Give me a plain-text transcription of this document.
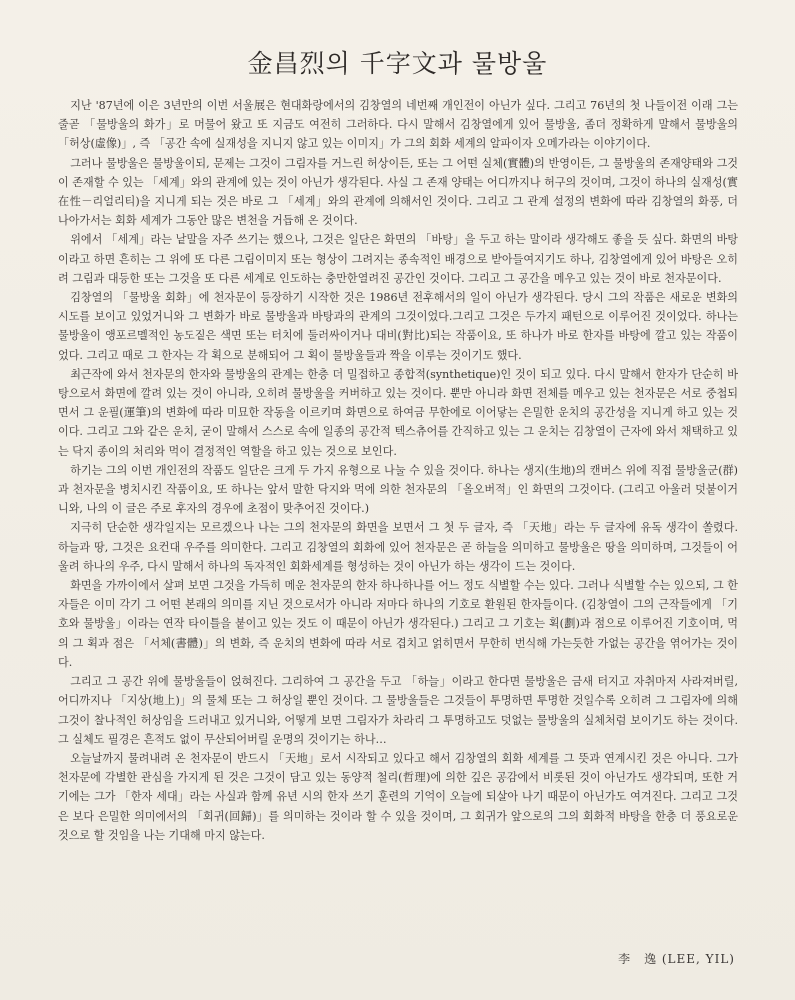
金昌烈의 千字文과 물방울

지난 '87년에 이은 3년만의 이번 서울展은 현대화랑에서의 김창열의 네번째 개인전이 아닌가 싶다. 그리고 76년의 첫 나들이전 이래 그는 줄곧 「물방울의 화가」로 머물어 왔고 또 지금도 여전히 그러하다. 다시 말해서 김창열에게 있어 물방울, 좀더 정확하게 말해서 물방울의 「허상(虛像)」, 즉 「공간 속에 실재성을 지니지 않고 있는 이미지」가 그의 회화 세계의 알파이자 오메가라는 이야기이다.

그러나 물방울은 물방울이되, 문제는 그것이 그림자를 거느린 허상이든, 또는 그 어떤 실체(實體)의 반영이든, 그 물방울의 존재양태와 그것이 존재할 수 있는 「세계」와의 관계에 있는 것이 아닌가 생각된다. 사실 그 존재 양태는 어디까지나 허구의 것이며, 그것이 하나의 실재성(實在性－리얼리티)을 지니게 되는 것은 바로 그 「세계」와의 관계에 의해서인 것이다. 그리고 그 관계 설정의 변화에 따라 김창열의 화풍, 더 나아가서는 회화 세계가 그동안 많은 변천을 거듭해 온 것이다.

위에서 「세계」라는 낱말을 자주 쓰기는 했으나, 그것은 일단은 화면의 「바탕」을 두고 하는 말이라 생각해도 좋을 듯 싶다. 화면의 바탕이라고 하면 흔히는 그 위에 또 다른 그림이미지 또는 형상이 그려지는 종속적인 배경으로 받아들여지기도 하나, 김창열에게 있어 바탕은 오히려 그림과 대등한 또는 그것을 또 다른 세계로 인도하는 충만한열려진 공간인 것이다. 그리고 그 공간을 메우고 있는 것이 바로 천자문이다.

김창열의 「물방울 회화」에 천자문이 등장하기 시작한 것은 1986년 전후해서의 일이 아닌가 생각된다. 당시 그의 작품은 새로운 변화의 시도를 보이고 있었거니와 그 변화가 바로 물방울과 바탕과의 관계의 그것이었다.그리고 그것은 두가지 패턴으로 이루어진 것이었다. 하나는 물방울이 앵포르멜적인 농도짙은 색면 또는 터치에 둘러싸이거나 대비(對比)되는 작품이요, 또 하나가 바로 한자를 바탕에 깔고 있는 작품이었다. 그리고 때로 그 한자는 각 획으로 분해되어 그 획이 물방울들과 짝을 이루는 것이기도 했다.

최근작에 와서 천자문의 한자와 물방울의 관계는 한층 더 밀접하고 종합적(synthetique)인 것이 되고 있다. 다시 말해서 한자가 단순히 바탕으로서 화면에 깔려 있는 것이 아니라, 오히려 물방울을 커버하고 있는 것이다. 뿐만 아니라 화면 전체를 메우고 있는 천자문은 서로 중첩되면서 그 운필(運筆)의 변화에 따라 미묘한 작동을 이르키며 화면으로 하여금 무한에로 이어닿는 은밀한 운치의 공간성을 지니게 하고 있는 것이다. 그리고 그와 같은 운치, 굳이 말해서 스스로 속에 일종의 공간적 텍스츄어를 간직하고 있는 그 운치는 김창열이 근자에 와서 채택하고 있는 닥지 종이의 처리와 먹이 결정적인 역할을 하고 있는 것으로 보인다.

하기는 그의 이번 개인전의 작품도 일단은 크게 두 가지 유형으로 나눌 수 있을 것이다. 하나는 생지(生地)의 캔버스 위에 직접 물방울군(群)과 천자문을 병치시킨 작품이요, 또 하나는 앞서 말한 닥지와 먹에 의한 천자문의 「올오버적」인 화면의 그것이다. (그리고 아울러 덧붙이거니와, 나의 이 글은 주로 후자의 경우에 초점이 맞추어진 것이다.)

지극히 단순한 생각일지는 모르겠으나 나는 그의 천자문의 화면을 보면서 그 첫 두 글자, 즉 「天地」라는 두 글자에 유독 생각이 쏠렸다. 하늘과 땅, 그것은 요컨대 우주를 의미한다. 그리고 김창열의 회화에 있어 천자문은 곧 하늘을 의미하고 물방울은 땅을 의미하며, 그것들이 어울려 하나의 우주, 다시 말해서 하나의 독자적인 회화세계를 형성하는 것이 아닌가 하는 생각이 드는 것이다.

화면을 가까이에서 살펴 보면 그것을 가득히 메운 천자문의 한자 하나하나를 어느 정도 식별할 수는 있다. 그러나 식별할 수는 있으되, 그 한자들은 이미 각기 그 어떤 본래의 의미를 지닌 것으로서가 아니라 저마다 하나의 기호로 환원된 한자들이다. (김창열이 그의 근작들에게 「기호와 물방울」이라는 연작 타이틀을 붙이고 있는 것도 이 때문이 아닌가 생각된다.) 그리고 그 기호는 획(劃)과 점으로 이루어진 기호이며, 먹의 그 획과 점은 「서체(書體)」의 변화, 즉 운치의 변화에 따라 서로 겹치고 얽히면서 무한히 번식해 가는듯한 가없는 공간을 엮어가는 것이다.

그리고 그 공간 위에 물방울들이 얹혀진다. 그리하여 그 공간을 두고 「하늘」이라고 한다면 물방울은 금새 터지고 자취마저 사라져버릴, 어디까지나 「지상(地上)」의 물체 또는 그 허상일 뿐인 것이다. 그 물방울들은 그것들이 투명하면 투명한 것일수록 오히려 그 그림자에 의해 그것이 찰나적인 허상임을 드러내고 있거니와, 어떻게 보면 그림자가 차라리 그 투명하고도 덧없는 물방울의 실체처럼 보이기도 하는 것이다. 그 실체도 필경은 흔적도 없이 무산되어버릴 운명의 것이기는 하나…

오늘날까지 물려내려 온 천자문이 반드시 「天地」로서 시작되고 있다고 해서 김창열의 회화 세계를 그 뜻과 연계시킨 것은 아니다. 그가 천자문에 각별한 관심을 가지게 된 것은 그것이 담고 있는 동양적 철리(哲理)에 의한 깊은 공감에서 비롯된 것이 아닌가도 생각되며, 또한 거기에는 그가 「한자 세대」라는 사실과 함께 유년 시의 한자 쓰기 훈련의 기억이 오늘에 되살아 나기 때문이 아닌가도 여겨진다. 그리고 그것은 보다 은밀한 의미에서의 「회귀(回歸)」를 의미하는 것이라 할 수 있을 것이며, 그 회귀가 앞으로의 그의 회화적 바탕을 한층 더 풍요로운 것으로 할 것임을 나는 기대해 마지 않는다.

李　逸 (LEE, YIL)
